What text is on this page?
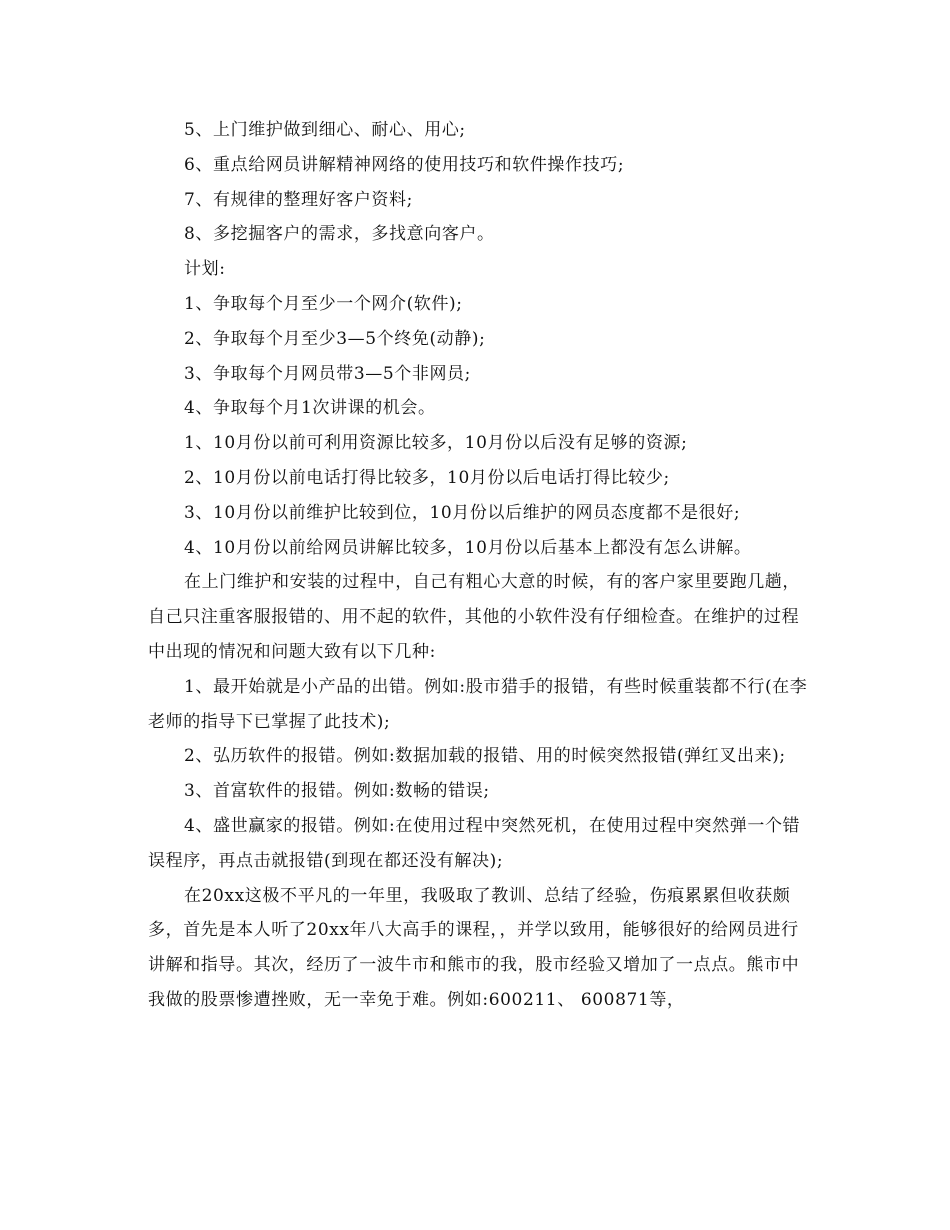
5、上门维护做到细心、耐心、用心;

6、重点给网员讲解精神网络的使用技巧和软件操作技巧;

7、有规律的整理好客户资料;

8、多挖掘客户的需求，多找意向客户。

计划:

1、争取每个月至少一个网介(软件);

2、争取每个月至少3—5个终免(动静);

3、争取每个月网员带3—5个非网员;

4、争取每个月1次讲课的机会。

1、10月份以前可利用资源比较多，10月份以后没有足够的资源;

2、10月份以前电话打得比较多，10月份以后电话打得比较少;

3、10月份以前维护比较到位，10月份以后维护的网员态度都不是很好;

4、10月份以前给网员讲解比较多，10月份以后基本上都没有怎么讲解。

在上门维护和安装的过程中，自己有粗心大意的时候，有的客户家里要跑几趟，自己只注重客服报错的、用不起的软件，其他的小软件没有仔细检查。在维护的过程中出现的情况和问题大致有以下几种:

1、最开始就是小产品的出错。例如:股市猎手的报错，有些时候重装都不行(在李老师的指导下已掌握了此技术);

2、弘历软件的报错。例如:数据加载的报错、用的时候突然报错(弹红叉出来);

3、首富软件的报错。例如:数畅的错误;

4、盛世赢家的报错。例如:在使用过程中突然死机，在使用过程中突然弹一个错误程序，再点击就报错(到现在都还没有解决);

在20xx这极不平凡的一年里，我吸取了教训、总结了经验，伤痕累累但收获颇多，首先是本人听了20xx年八大高手的课程，，并学以致用，能够很好的给网员进行讲解和指导。其次，经历了一波牛市和熊市的我，股市经验又增加了一点点。熊市中我做的股票惨遭挫败，无一幸免于难。例如:600211、 600871等，
